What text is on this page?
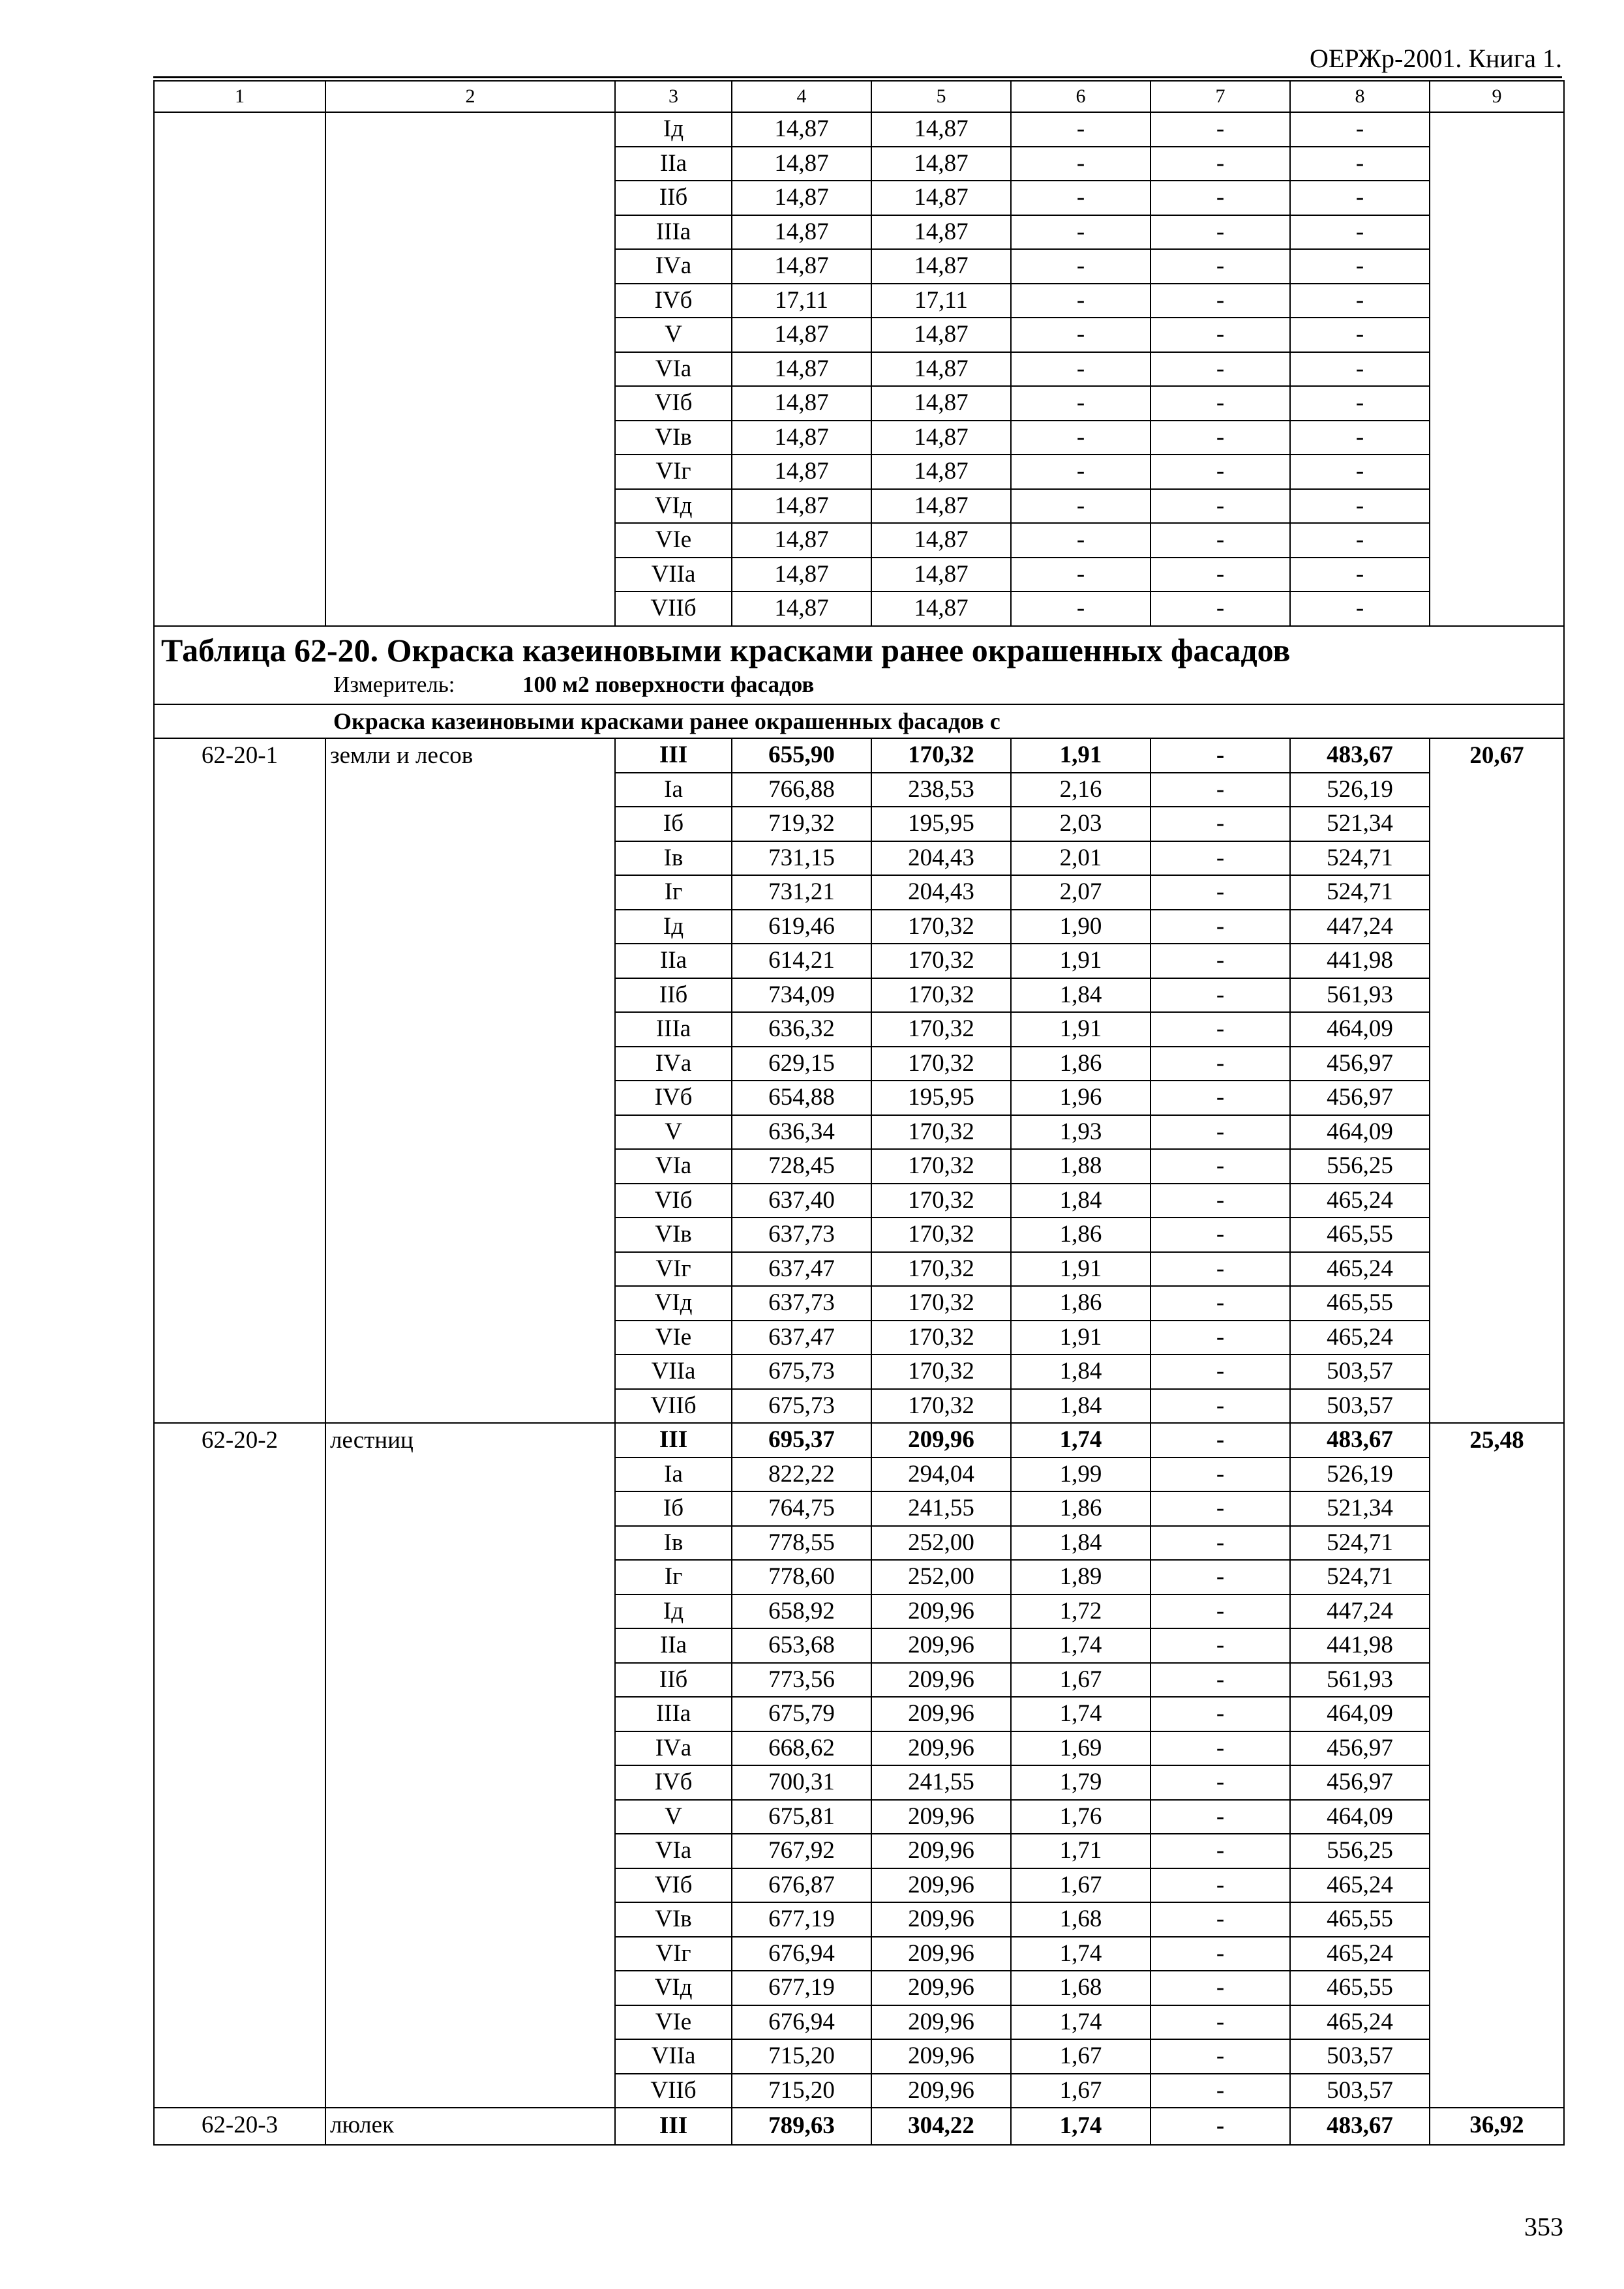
ОЕРЖр-2001. Книга 1.
1	2	3	4	5	6	7	8	9
		Iд	14,87	14,87	-	-	-	
		IIа	14,87	14,87	-	-	-	
		IIб	14,87	14,87	-	-	-	
		IIIа	14,87	14,87	-	-	-	
		IVа	14,87	14,87	-	-	-	
		IVб	17,11	17,11	-	-	-	
		V	14,87	14,87	-	-	-	
		VIа	14,87	14,87	-	-	-	
		VIб	14,87	14,87	-	-	-	
		VIв	14,87	14,87	-	-	-	
		VIг	14,87	14,87	-	-	-	
		VIд	14,87	14,87	-	-	-	
		VIе	14,87	14,87	-	-	-	
		VIIа	14,87	14,87	-	-	-	
		VIIб	14,87	14,87	-	-	-	

Таблица 62-20. Окраска казеиновыми красками ранее окрашенных фасадов
Измеритель: 100 м2 поверхности фасадов								

Окраска казеиновыми красками ранее окрашенных фасадов с								
62-20-1	земли и лесов	III	655,90	170,32	1,91	-	483,67	20,67
		Iа	766,88	238,53	2,16	-	526,19	
		Iб	719,32	195,95	2,03	-	521,34	
		Iв	731,15	204,43	2,01	-	524,71	
		Iг	731,21	204,43	2,07	-	524,71	
		Iд	619,46	170,32	1,90	-	447,24	
		IIа	614,21	170,32	1,91	-	441,98	
		IIб	734,09	170,32	1,84	-	561,93	
		IIIа	636,32	170,32	1,91	-	464,09	
		IVа	629,15	170,32	1,86	-	456,97	
		IVб	654,88	195,95	1,96	-	456,97	
		V	636,34	170,32	1,93	-	464,09	
		VIа	728,45	170,32	1,88	-	556,25	
		VIб	637,40	170,32	1,84	-	465,24	
		VIв	637,73	170,32	1,86	-	465,55	
		VIг	637,47	170,32	1,91	-	465,24	
		VIд	637,73	170,32	1,86	-	465,55	
		VIе	637,47	170,32	1,91	-	465,24	
		VIIа	675,73	170,32	1,84	-	503,57	
		VIIб	675,73	170,32	1,84	-	503,57	
62-20-2	лестниц	III	695,37	209,96	1,74	-	483,67	25,48
		Iа	822,22	294,04	1,99	-	526,19	
		Iб	764,75	241,55	1,86	-	521,34	
		Iв	778,55	252,00	1,84	-	524,71	
		Iг	778,60	252,00	1,89	-	524,71	
		Iд	658,92	209,96	1,72	-	447,24	
		IIа	653,68	209,96	1,74	-	441,98	
		IIб	773,56	209,96	1,67	-	561,93	
		IIIа	675,79	209,96	1,74	-	464,09	
		IVа	668,62	209,96	1,69	-	456,97	
		IVб	700,31	241,55	1,79	-	456,97	
		V	675,81	209,96	1,76	-	464,09	
		VIа	767,92	209,96	1,71	-	556,25	
		VIб	676,87	209,96	1,67	-	465,24	
		VIв	677,19	209,96	1,68	-	465,55	
		VIг	676,94	209,96	1,74	-	465,24	
		VIд	677,19	209,96	1,68	-	465,55	
		VIе	676,94	209,96	1,74	-	465,24	
		VIIа	715,20	209,96	1,67	-	503,57	
		VIIб	715,20	209,96	1,67	-	503,57	
62-20-3	люлек	III	789,63	304,22	1,74	-	483,67	36,92
353
